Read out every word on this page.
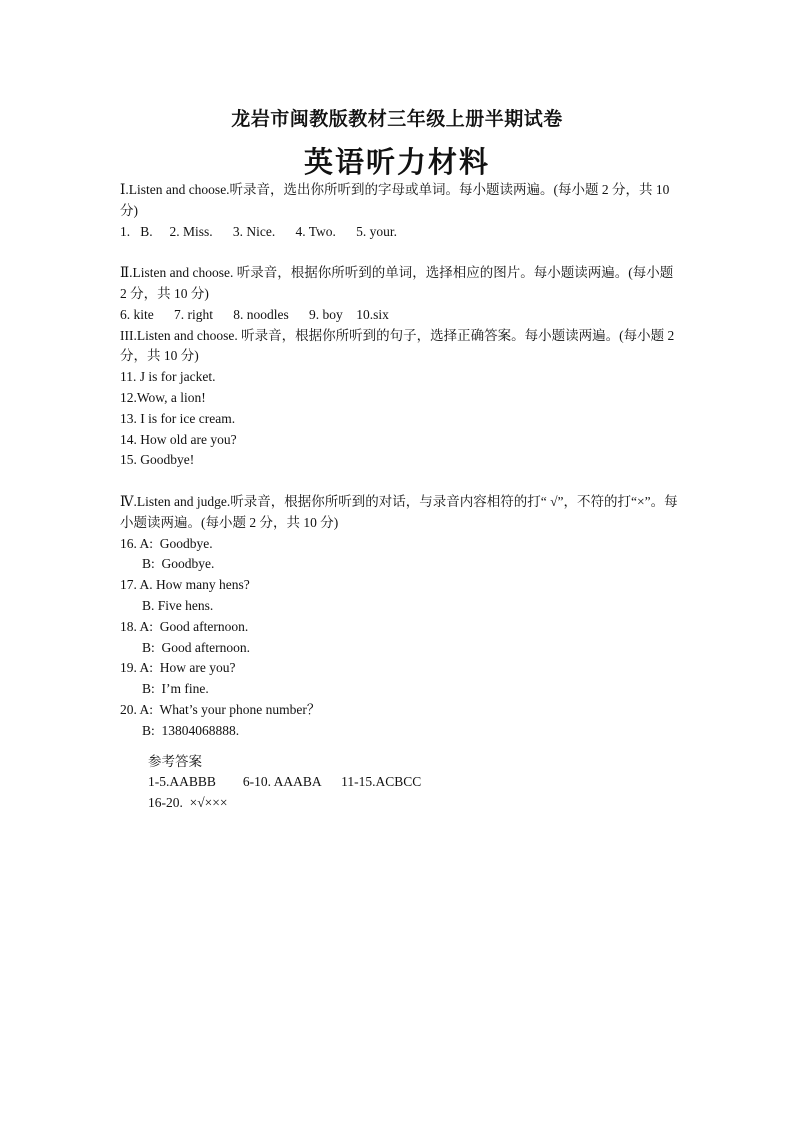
龙岩市闽教版教材三年级上册半期试卷
英语听力材料
Ⅰ.Listen and choose.听录音，选出你所听到的字母或单词。每小题读两遍。(每小题 2 分，共 10 分)
1.   B.     2. Miss.      3. Nice.      4. Two.      5. your.
Ⅱ.Listen and choose. 听录音，根据你所听到的单词，选择相应的图片。每小题读两遍。(每小题 2 分，共 10 分)
6. kite      7. right      8. noodles      9. boy    10.six
III.Listen and choose. 听录音，根据你所听到的句子，选择正确答案。每小题读两遍。(每小题 2 分，共 10 分)
11. J is for jacket.
12.Wow, a lion!
13. I is for ice cream.
14. How old are you?
15. Goodbye!
Ⅳ.Listen and judge.听录音，根据你所听到的对话，与录音内容相符的打“ √”，不符的打“×”。每小题读两遍。(每小题 2 分，共 10 分)
16. A:  Goodbye.
B:  Goodbye.
17. A. How many hens?
B. Five hens.
18. A:  Good afternoon.
B:  Good afternoon.
19. A:  How are you?
B:  I’m fine.
20. A:  What’s your phone number？
B:  13804068888.
参考答案
1-5.AABBB        6-10. AAABA      11-15.ACBCC
16-20.  ×√×××
